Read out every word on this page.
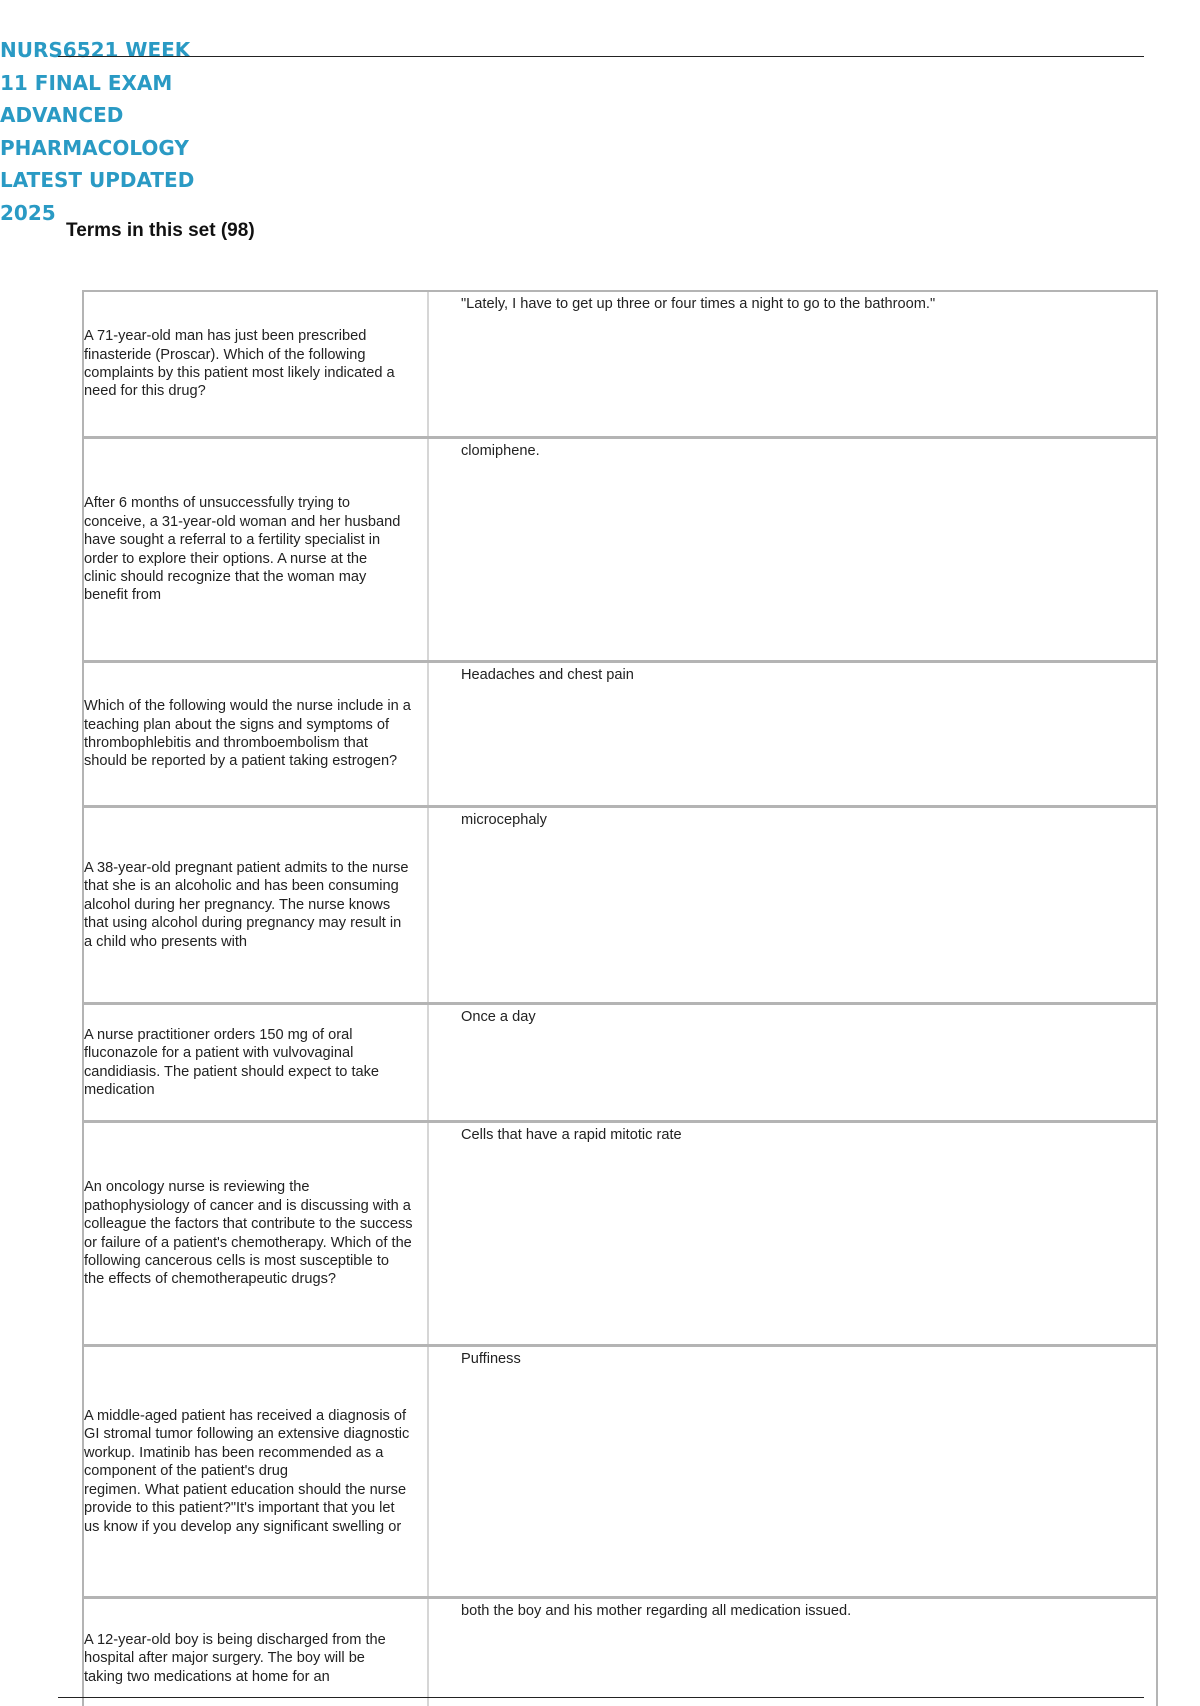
NURS6521 WEEK
11 FINAL EXAM
ADVANCED
PHARMACOLOGY
LATEST UPDATED
2025
Terms in this set (98)

A 71-year-old man has just been prescribed finasteride (Proscar). Which of the following complaints by this patient most likely indicated a need for this drug?

"Lately, I have to get up three or four times a night to go to the bathroom."

After 6 months of unsuccessfully trying to conceive, a 31-year-old woman and her husband
have sought a referral to a fertility specialist in order to explore their options. A nurse at the
clinic should recognize that the woman may benefit from

clomiphene.

Which of the following would the nurse include in a teaching plan about the signs and symptoms of thrombophlebitis and thromboembolism that should be reported by a patient taking estrogen?

Headaches and chest pain

A 38-year-old pregnant patient admits to the nurse that she is an alcoholic and has been consuming alcohol during her pregnancy. The nurse knows that using alcohol during pregnancy may result in a child who presents with

microcephaly

A nurse practitioner orders 150 mg of oral fluconazole for a patient with vulvovaginal candidiasis. The patient should expect to take medication

Once a day

An oncology nurse is reviewing the pathophysiology of cancer and is discussing with a colleague the factors that contribute to the success or failure of a patient's chemotherapy. Which of the following cancerous cells is most susceptible to the effects of chemotherapeutic drugs?

Cells that have a rapid mitotic rate

A middle-aged patient has received a diagnosis of GI stromal tumor following an extensive diagnostic workup. Imatinib has been recommended as a component of the patient's drug
regimen. What patient education should the nurse provide to this patient?"It's important that you let us know if you develop any significant swelling or

Puffiness

A 12-year-old boy is being discharged from the hospital after major surgery. The boy will be
taking two medications at home for an

both the boy and his mother regarding all medication issued.
